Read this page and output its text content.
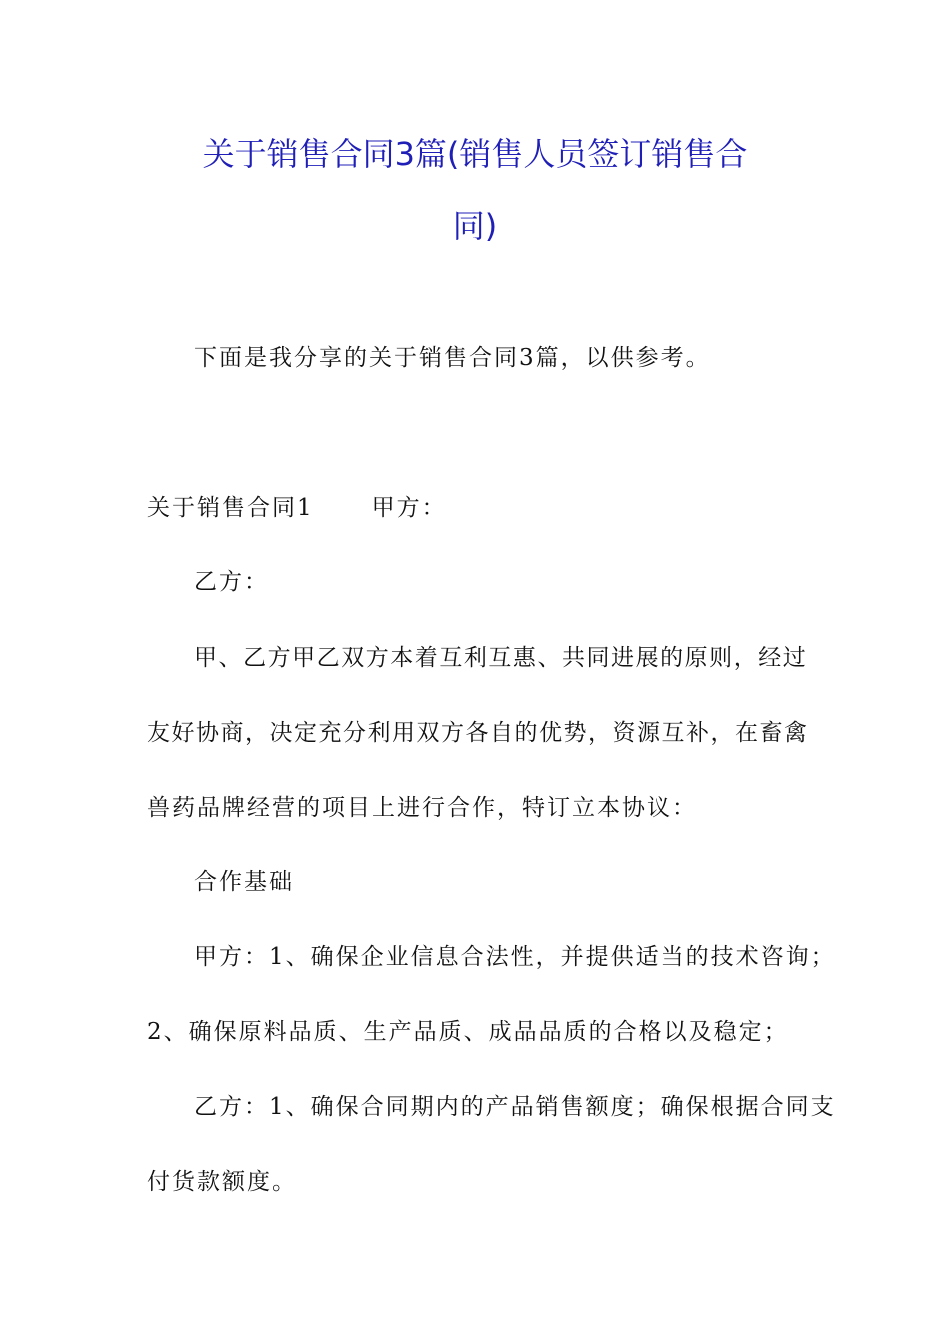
关于销售合同3篇(销售人员签订销售合
同)
下面是我分享的关于销售合同3篇，以供参考。
关于销售合同1	甲方：
乙方：
甲 、 乙 方 甲 乙 双 方 本 着 互 利 互 惠 、 共 同 进 展 的 原 则 ， 经 过
友 好 协 商 ， 决 定 充 分 利 用 双 方 各 自 的 优 势 ， 资 源 互 补 ， 在 畜 禽
兽药品牌经营的项目上进行合作，特订立本协议：
合作基础
甲方：1、确保企业信息合法性，并提供适当的技术咨询；
2、确保原料品质、生产品质、成品品质的合格以及稳定；
乙方：1、确保合同期内的产品销售额度；确保根据合同支
付货款额度。
